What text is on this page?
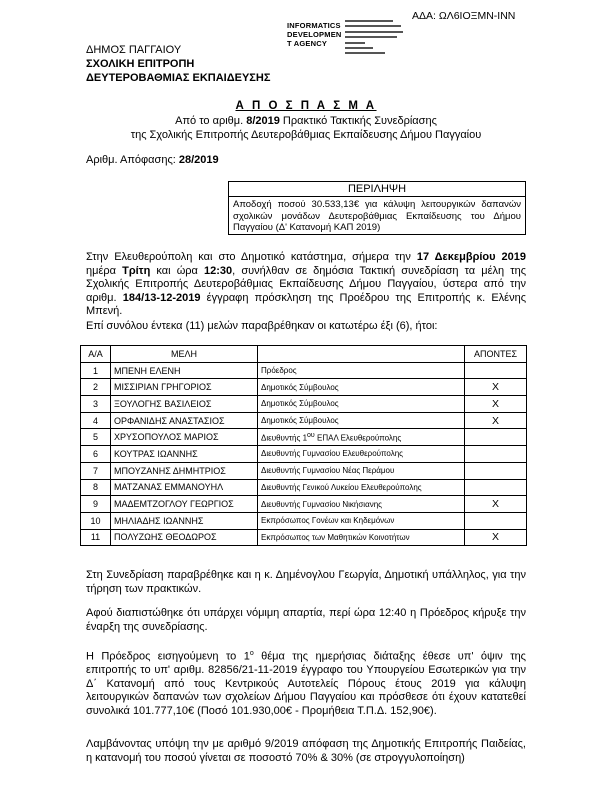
ΑΔΑ: ΩΛ6ΙΟΞΜΝ-ΙΝΝ
INFORMATICS
DEVELOPMEN
T AGENCY
ΔΗΜΟΣ ΠΑΓΓΑΙΟΥ
ΣΧΟΛΙΚΗ ΕΠΙΤΡΟΠΗ
ΔΕΥΤΕΡΟΒΑΘΜΙΑΣ ΕΚΠΑΙΔΕΥΣΗΣ
Α Π Ο Σ Π Α Σ Μ Α
Από το αριθμ. 8/2019 Πρακτικό Τακτικής Συνεδρίασης
της Σχολικής Επιτροπής Δευτεροβάθμιας Εκπαίδευσης Δήμου Παγγαίου
Αριθμ. Απόφασης: 28/2019
ΠΕΡΙΛΗΨΗ
Αποδοχή ποσού 30.533,13€ για κάλυψη λειτουργικών δαπανών σχολικών μονάδων Δευτεροβάθμιας Εκπαίδευσης του Δήμου Παγγαίου (Δ' Κατανομή ΚΑΠ 2019)
Στην Ελευθερούπολη και στο Δημοτικό κατάστημα, σήμερα την 17 Δεκεμβρίου 2019 ημέρα Τρίτη και ώρα 12:30, συνήλθαν σε δημόσια Τακτική συνεδρίαση τα μέλη της Σχολικής Επιτροπής Δευτεροβάθμιας Εκπαίδευσης Δήμου Παγγαίου, ύστερα από την αριθμ. 184/13-12-2019 έγγραφη πρόσκληση της Προέδρου της Επιτροπής κ. Ελένης Μπενή.
Επί συνόλου έντεκα (11) μελών παραβρέθηκαν οι κατωτέρω έξι (6), ήτοι:
Α/Α	ΜΕΛΗ		ΑΠΟΝΤΕΣ
1	ΜΠΕΝΗ ΕΛΕΝΗ	Πρόεδρος	
2	ΜΙΣΣΙΡΙΑΝ ΓΡΗΓΟΡΙΟΣ	Δημοτικός Σύμβουλος	Χ
3	ΞΟΥΛΟΓΗΣ ΒΑΣΙΛΕΙΟΣ	Δημοτικός Σύμβουλος	Χ
4	ΟΡΦΑΝΙΔΗΣ ΑΝΑΣΤΑΣΙΟΣ	Δημοτικός Σύμβουλος	Χ
5	ΧΡΥΣΟΠΟΥΛΟΣ ΜΑΡΙΟΣ	Διευθυντής $1^{o\upsilon}$ ΕΠΑΛ Ελευθερούπολης	
6	ΚΟΥΤΡΑΣ ΙΩΑΝΝΗΣ	Διευθυντής Γυμνασίου Ελευθερούπολης	
7	ΜΠΟΥΖΑΝΗΣ ΔΗΜΗΤΡΙΟΣ	Διευθυντής Γυμνασίου Νέας Περάμου	
8	ΜΑΤΖΑΝΑΣ ΕΜΜΑΝΟΥΗΛ	Διευθυντής Γενικού Λυκείου Ελευθερούπολης	
9	ΜΑΔΕΜΤΖΟΓΛΟΥ ΓΕΩΡΓΙΟΣ	Διευθυντής Γυμνασίου Νικήσιανης	Χ
10	ΜΗΛΙΑΔΗΣ ΙΩΑΝΝΗΣ	Εκπρόσωπος Γονέων και Κηδεμόνων	
11	ΠΟΛΥΖΩΗΣ ΘΕΟΔΩΡΟΣ	Εκπρόσωπος των Μαθητικών Κοινοτήτων	Χ
Στη Συνεδρίαση παραβρέθηκε και η κ. Δημένογλου Γεωργία, Δημοτική υπάλληλος, για την τήρηση των πρακτικών.
Αφού διαπιστώθηκε ότι υπάρχει νόμιμη απαρτία, περί ώρα 12:40 η Πρόεδρος κήρυξε την έναρξη της συνεδρίασης.
Η Πρόεδρος εισηγούμενη το $1^o$ θέμα της ημερήσιας διάταξης έθεσε υπ' όψιν της επιτροπής το υπ' αριθμ. 82856/21-11-2019 έγγραφο του Υπουργείου Εσωτερικών για την Δ΄ Κατανομή από τους Κεντρικούς Αυτοτελείς Πόρους έτους 2019 για κάλυψη λειτουργικών δαπανών των σχολείων Δήμου Παγγαίου και πρόσθεσε ότι έχουν κατατεθεί συνολικά 101.777,10€ (Ποσό 101.930,00€ - Προμήθεια Τ.Π.Δ. 152,90€).
Λαμβάνοντας υπόψη την με αριθμό 9/2019 απόφαση της Δημοτικής Επιτροπής Παιδείας, η κατανομή του ποσού γίνεται σε ποσοστό 70% & 30% (σε στρογγυλοποίηση)
